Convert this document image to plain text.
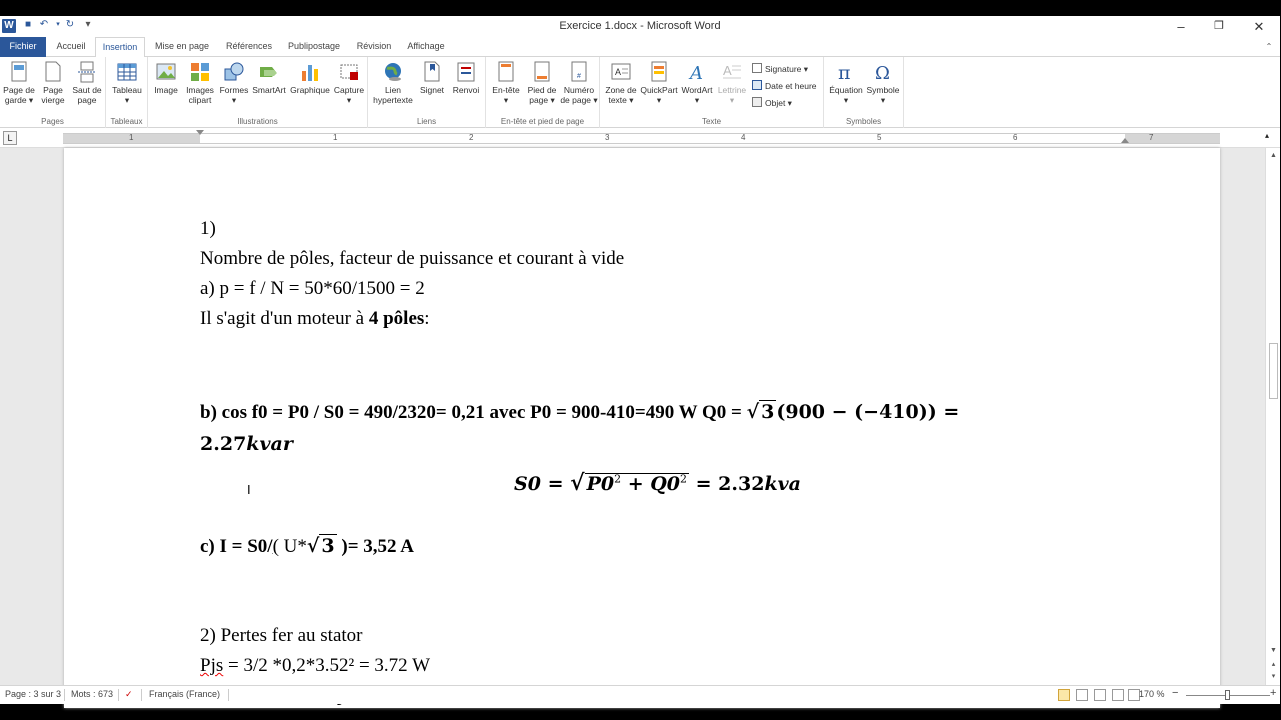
W ■ ↶	▾ ↻	▾	Exercice 1.docx - Microsoft Word	–	❐	✕
Fichier	Accueil	Insertion	Mise en page	Références	Publipostage	Révision	Affichage	⌃
Page de
garde ▾
Page
vierge
Saut de
page
Pages
Tableau
▾
Tableaux
Image Images
clipart
Formes
▾
SmartArt Graphique Capture
▾
Illustrations
Lien
hypertexte
Signet	Renvoi

Liens
En-tête
▾
Pied de
page ▾
#
Numéro
de page ▾
En-tête et pied de page
A
Zone de
texte ▾
QuickPart
▾
A
WordArt
▾
A
Lettrine
▾
Signature ▾
Date et heure
Objet ▾
Texte
π
Équation
▾
Ω
Symbole
▾
Symboles
L	1	1	2	3	4	5	6	7	▴
1)
Nombre de pôles, facteur de puissance et courant à vide
a) p = f / N = 50*60/1500 = 2
Il s'agit d'un moteur à 4 pôles:
b) cos f0 = P0 / S0 = 490/2320= 0,21 avec P0 = 900-410=490 W Q0 = √ 3 (900 − (−410)) =
2.27kvar
S0 = √ $P0^2 + Q0^2 = 2.32kva$
c) I = S0/( U*√ 3 )= 3,52 A
2) Pertes fer au stator
Pjs = 3/2 *0,2*3.52² = 3.72 W
I
▲
▼
▴
▾
Page : 3 sur 3 Mots : 673 ✓ Français (France)	170 % −	+
